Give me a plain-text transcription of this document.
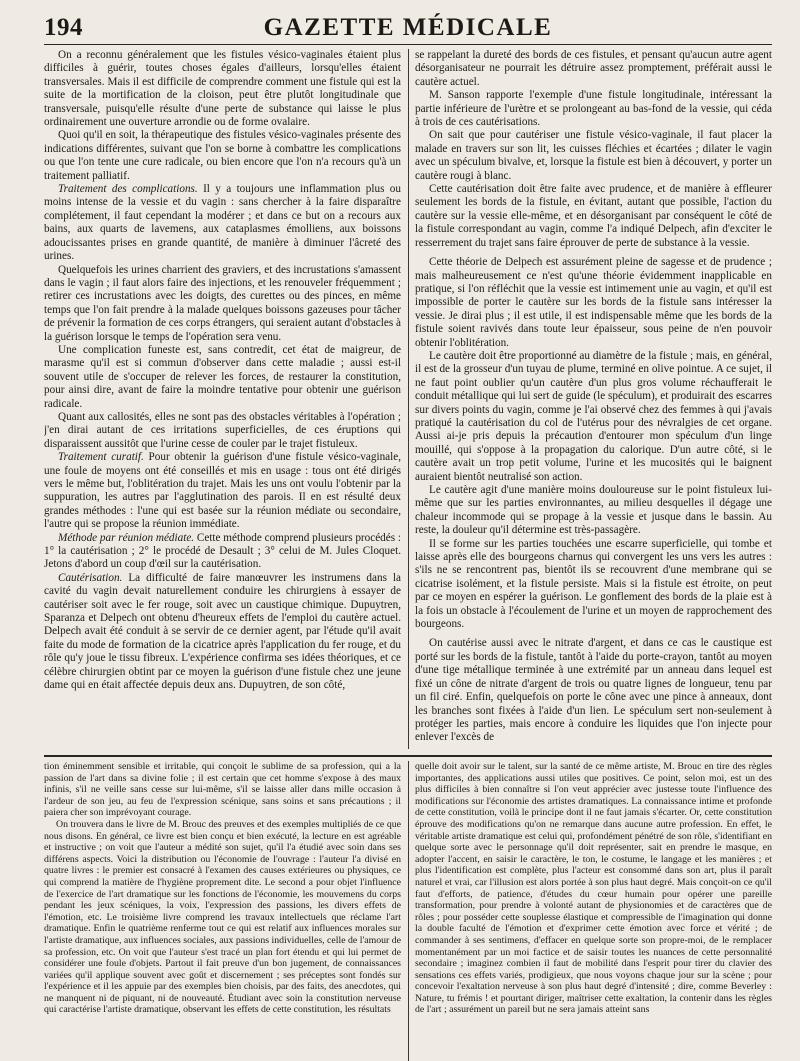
194	GAZETTE MÉDICALE

On a reconnu généralement que les fistules vésico-vaginales étaient plus difficiles à guérir, toutes choses égales d'ailleurs, lorsqu'elles étaient transversales. Mais il est difficile de comprendre comment une fistule qui est la suite de la mortification de la cloison, peut être plutôt longitudinale que transversale, puisqu'elle résulte d'une perte de substance qui laisse le plus ordinairement une ouverture arrondie ou de forme ovalaire.

Quoi qu'il en soit, la thérapeutique des fistules vésico-vaginales présente des indications différentes, suivant que l'on se borne à combattre les complications ou que l'on tente une cure radicale, ou bien encore que l'on n'a recours qu'à un traitement palliatif.

Traitement des complications. Il y a toujours une inflammation plus ou moins intense de la vessie et du vagin : sans chercher à la faire disparaître complétement, il faut cependant la modérer ; et dans ce but on a recours aux bains, aux quarts de lavemens, aux cataplasmes émolliens, aux boissons adoucissantes prises en grande quantité, de manière à diminuer l'âcreté des urines.

Quelquefois les urines charrient des graviers, et des incrustations s'amassent dans le vagin ; il faut alors faire des injections, et les renouveler fréquemment ; retirer ces incrustations avec les doigts, des curettes ou des pinces, en même temps que l'on fait prendre à la malade quelques boissons gazeuses pour tâcher de prévenir la formation de ces corps étrangers, qui seraient autant d'obstacles à la guérison lorsque le temps de l'opération sera venu.

Une complication funeste est, sans contredit, cet état de maigreur, de marasme qu'il est si commun d'observer dans cette maladie ; aussi est-il souvent utile de s'occuper de relever les forces, de restaurer la constitution, pour ainsi dire, avant de faire la moindre tentative pour obtenir une guérison radicale.

Quant aux callosités, elles ne sont pas des obstacles véritables à l'opération ; j'en dirai autant de ces irritations superficielles, de ces éruptions qui disparaissent aussitôt que l'urine cesse de couler par le trajet fistuleux.

Traitement curatif. Pour obtenir la guérison d'une fistule vésico-vaginale, une foule de moyens ont été conseillés et mis en usage : tous ont été dirigés vers le même but, l'oblitération du trajet. Mais les uns ont voulu l'obtenir par la suppuration, les autres par l'agglutination des parois. Il en est résulté deux grandes méthodes : l'une qui est basée sur la réunion médiate ou secondaire, l'autre qui se propose la réunion immédiate.

Méthode par réunion médiate. Cette méthode comprend plusieurs procédés : 1° la cautérisation ; 2° le procédé de Desault ; 3° celui de M. Jules Cloquet. Jetons d'abord un coup d'œil sur la cautérisation.

Cautérisation. La difficulté de faire manœuvrer les instrumens dans la cavité du vagin devait naturellement conduire les chirurgiens à essayer de cautériser soit avec le fer rouge, soit avec un caustique chimique. Dupuytren, Sparanza et Delpech ont obtenu d'heureux effets de l'emploi du cautère actuel. Delpech avait été conduit à se servir de ce dernier agent, par l'étude qu'il avait faite du mode de formation de la cicatrice après l'application du fer rouge, et du rôle qu'y joue le tissu fibreux. L'expérience confirma ses idées théoriques, et ce célèbre chirurgien obtint par ce moyen la guérison d'une fistule chez une jeune dame qui en était affectée depuis deux ans. Dupuytren, de son côté,

se rappelant la dureté des bords de ces fistules, et pensant qu'aucun autre agent désorganisateur ne pourrait les détruire assez promptement, préférait aussi le cautère actuel.

M. Sanson rapporte l'exemple d'une fistule longitudinale, intéressant la partie inférieure de l'urètre et se prolongeant au bas-fond de la vessie, qui céda à trois de ces cautérisations.

On sait que pour cautériser une fistule vésico-vaginale, il faut placer la malade en travers sur son lit, les cuisses fléchies et écartées ; dilater le vagin avec un spéculum bivalve, et, lorsque la fistule est bien à découvert, y porter un cautère rougi à blanc.

Cette cautérisation doit être faite avec prudence, et de manière à effleurer seulement les bords de la fistule, en évitant, autant que possible, l'action du cautère sur la vessie elle-même, et en désorganisant par conséquent le côté de la fistule correspondant au vagin, comme l'a indiqué Delpech, afin d'exciter le resserrement du trajet sans faire éprouver de perte de substance à la vessie.

Cette théorie de Delpech est assurément pleine de sagesse et de prudence ; mais malheureusement ce n'est qu'une théorie évidemment inapplicable en pratique, si l'on réfléchit que la vessie est intimement unie au vagin, et qu'il est impossible de porter le cautère sur les bords de la fistule sans intéresser la vessie. Je dirai plus ; il est utile, il est indispensable même que les bords de la fistule soient ravivés dans toute leur épaisseur, sous peine de n'en pouvoir obtenir l'oblitération.

Le cautère doit être proportionné au diamètre de la fistule ; mais, en général, il est de la grosseur d'un tuyau de plume, terminé en olive pointue. A ce sujet, il ne faut point oublier qu'un cautère d'un plus gros volume réchaufferait le conduit métallique qui lui sert de guide (le spéculum), et produirait des escarres sur divers points du vagin, comme je l'ai observé chez des femmes à qui j'avais pratiqué la cautérisation du col de l'utérus pour des névralgies de cet organe. Aussi ai-je pris depuis la précaution d'entourer mon spéculum d'un linge mouillé, qui s'oppose à la propagation du calorique. D'un autre côté, si le cautère avait un trop petit volume, l'urine et les mucosités qui le baignent auraient bientôt neutralisé son action.

Le cautère agit d'une manière moins douloureuse sur le point fistuleux lui-même que sur les parties environnantes, au milieu desquelles il dégage une chaleur incommode qui se propage à la vessie et jusque dans le bassin. Au reste, la douleur qu'il détermine est très-passagère.

Il se forme sur les parties touchées une escarre superficielle, qui tombe et laisse après elle des bourgeons charnus qui convergent les uns vers les autres : s'ils ne se rencontrent pas, bientôt ils se recouvrent d'une membrane qui se cicatrise isolément, et la fistule persiste. Mais si la fistule est étroite, on peut par ce moyen en espérer la guérison. Le gonflement des bords de la plaie est à la fois un obstacle à l'écoulement de l'urine et un moyen de rapprochement des bourgeons.

On cautérise aussi avec le nitrate d'argent, et dans ce cas le caustique est porté sur les bords de la fistule, tantôt à l'aide du porte-crayon, tantôt au moyen d'une tige métallique terminée à une extrémité par un anneau dans lequel est fixé un cône de nitrate d'argent de trois ou quatre lignes de longueur, tenu par un fil ciré. Enfin, quelquefois on porte le cône avec une pince à anneaux, dont les branches sont fixées à l'aide d'un lien. Le spéculum sert non-seulement à protéger les parties, mais encore à conduire les liquides que l'on injecte pour enlever l'excès de

tion éminemment sensible et irritable, qui conçoit le sublime de sa profession, qui a la passion de l'art dans sa divine folie ; il est certain que cet homme s'expose à des maux infinis, s'il ne veille sans cesse sur lui-même, s'il se laisse aller dans mille occasion à l'ardeur de son jeu, au feu de l'expression scénique, sans soins et sans précautions ; il paiera cher son imprévoyant courage.

On trouvera dans le livre de M. Brouc des preuves et des exemples multipliés de ce que nous disons. En général, ce livre est bien conçu et bien exécuté, la lecture en est agréable et instructive ; on voit que l'auteur a médité son sujet, qu'il l'a étudié avec soin dans ses différens aspects. Voici la distribution ou l'économie de l'ouvrage : l'auteur l'a divisé en quatre livres : le premier est consacré à l'examen des causes extérieures ou physiques, ce qui comprend la matière de l'hygiène proprement dite. Le second a pour objet l'influence de l'exercice de l'art dramatique sur les fonctions de l'économie, les mouvemens du corps pendant les jeux scéniques, la voix, l'expression des passions, les divers effets de l'émotion, etc. Le troisième livre comprend les travaux intellectuels que réclame l'art dramatique. Enfin le quatrième renferme tout ce qui est relatif aux influences morales sur l'artiste dramatique, aux influences sociales, aux passions individuelles, celle de l'amour de sa profession, etc. On voit que l'auteur s'est tracé un plan fort étendu et qui lui permet de considérer une foule d'objets. Partout il fait preuve d'un bon jugement, de connaissances variées qu'il applique souvent avec goût et discernement ; ses préceptes sont fondés sur l'expérience et il les appuie par des exemples bien choisis, par des faits, des anecdotes, qui ne manquent ni de piquant, ni de nouveauté. Étudiant avec soin la constitution nerveuse qui caractérise l'artiste dramatique, observant les effets de cette constitution, les résultats

quelle doit avoir sur le talent, sur la santé de ce même artiste, M. Brouc en tire des règles importantes, des applications aussi utiles que positives. Ce point, selon moi, est un des plus difficiles à bien connaître si l'on veut apprécier avec justesse toute l'influence des modifications sur l'économie des artistes dramatiques. La connaissance intime et profonde de cette constitution, voilà le principe dont il ne faut jamais s'écarter. Or, cette constitution éprouve des modifications qu'on ne remarque dans aucune autre profession. En effet, le véritable artiste dramatique est celui qui, profondément pénétré de son rôle, s'identifiant en quelque sorte avec le personnage qu'il doit représenter, sait en prendre le masque, en adopter l'accent, en saisir le caractère, le ton, le costume, le langage et les manières ; et plus l'identification est complète, plus l'acteur est consommé dans son art, plus il paraît naturel et vrai, car l'illusion est alors portée à son plus haut degré. Mais conçoit-on ce qu'il faut d'efforts, de patience, d'études du cœur humain pour opérer une pareille transformation, pour prendre à volonté autant de physionomies et de caractères que de rôles ; pour posséder cette souplesse élastique et compressible de l'imagination qui donne la double faculté de l'émotion et d'exprimer cette émotion avec force et vérité ; de commander à ses sentimens, d'effacer en quelque sorte son propre-moi, de le remplacer momentanément par un moi factice et de saisir toutes les nuances de cette personnalité secondaire ; imaginez combien il faut de mobilité dans l'esprit pour tirer du clavier des sensations ces effets variés, prodigieux, que nous voyons chaque jour sur la scène ; pour concevoir l'exaltation nerveuse à son plus haut degré d'intensité ; dire, comme Beverley : Nature, tu frémis ! et pourtant diriger, maîtriser cette exaltation, la contenir dans les règles de l'art ; assurément un pareil but ne sera jamais atteint sans
